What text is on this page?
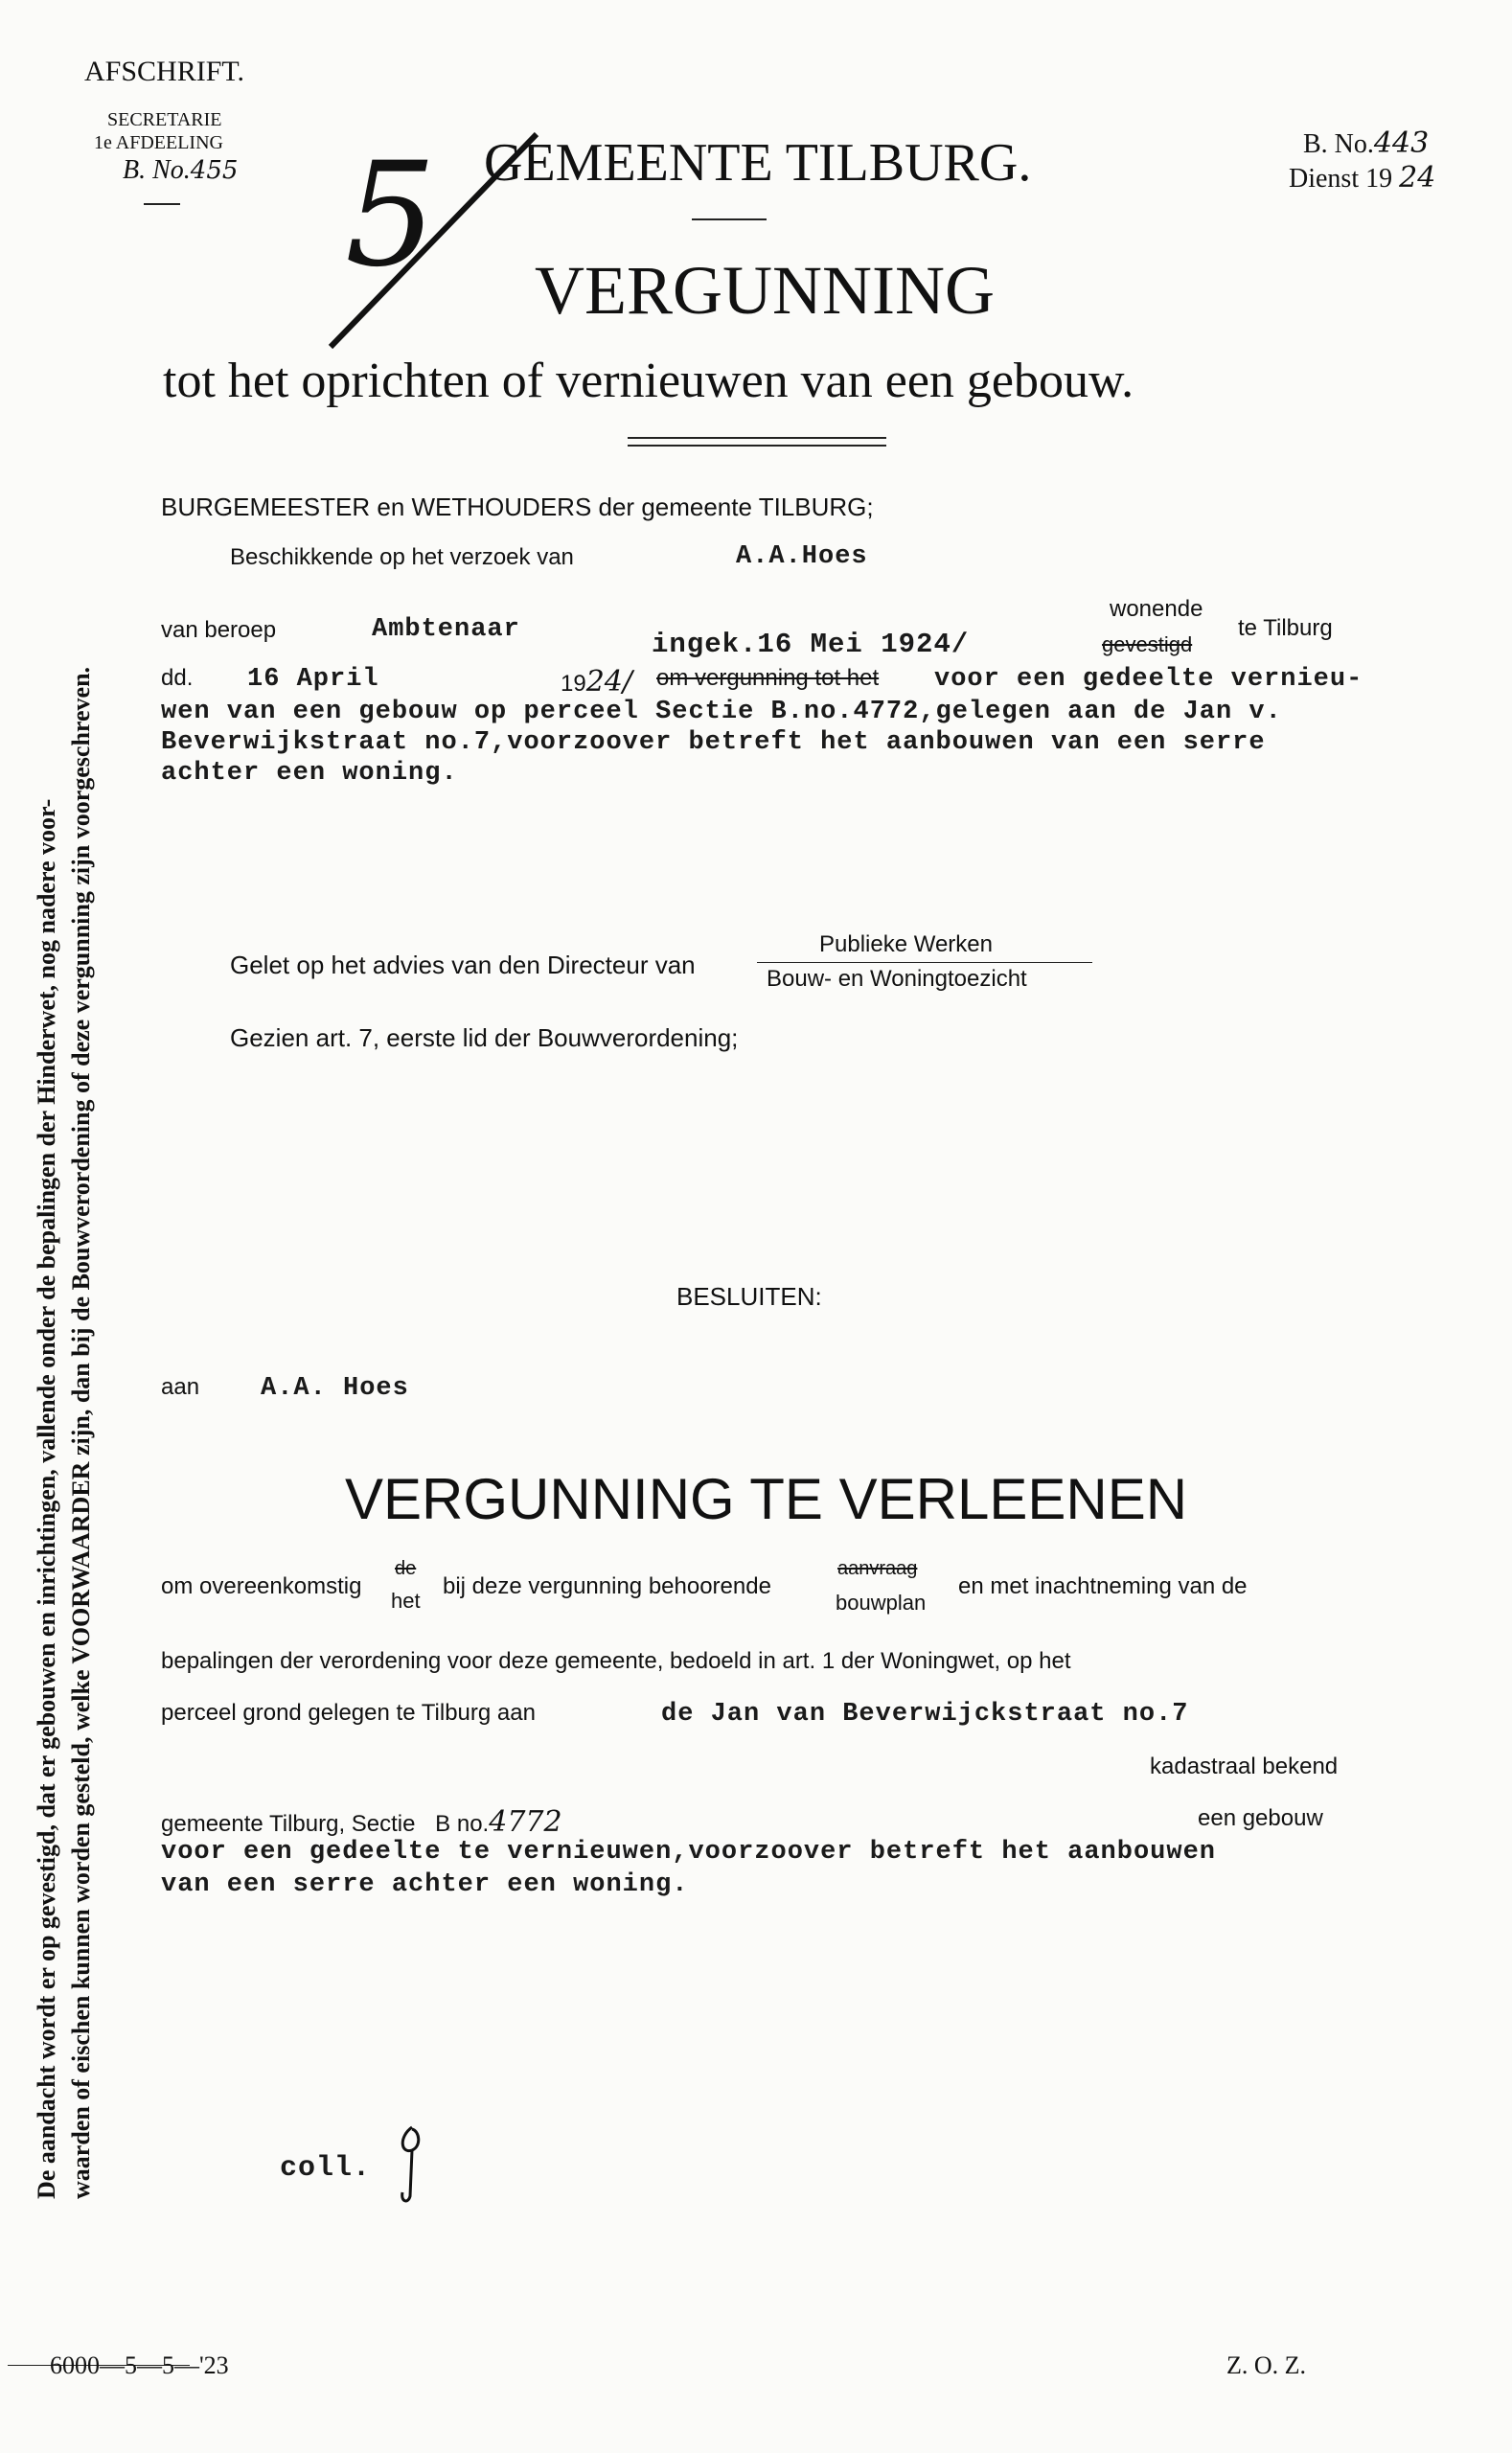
AFSCHRIFT.
SECRETARIE
1e AFDEELING
B. No.455 5 GEMEENTE TILBURG.	B. No.443
Dienst 19 24
VERGUNNING
tot het oprichten of vernieuwen van een gebouw.
De aandacht wordt er op gevestigd, dat er gebouwen en inrichtingen, vallende onder de bepalingen der Hinderwet, nog nadere voor- waarden of eischen kunnen worden gesteld, welke VOORWAARDER zijn, dan bij de Bouwverordening of deze vergunning zijn voorgeschreven.
BURGEMEESTER en WETHOUDERS der gemeente TILBURG;
Beschikkende op het verzoek van	A.A.Hoes
van beroep	Ambtenaar	ingek.16 Mei 1924/
wonende
gevestigd
te Tilburg
dd. 16 April	1924/ om vergunning tot het voor een gedeelte vernieu-
wen van een gebouw op perceel Sectie B.no.4772,gelegen aan de Jan v.
Beverwijkstraat no.7,voorzoover betreft het aanbouwen van een serre
achter een woning.
Gelet op het advies van den Directeur van
Publieke Werken
Bouw- en Woningtoezicht
Gezien art. 7, eerste lid der Bouwverordening;
BESLUITEN:
aan A.A. Hoes
VERGUNNING TE VERLEENEN
om overeenkomstig
de
het
bij deze vergunning behoorende
aanvraag
bouwplan
en met inachtneming van de
bepalingen der verordening voor deze gemeente, bedoeld in art. 1 der Woningwet, op het
perceel grond gelegen te Tilburg aan	de Jan van Beverwijckstraat no.7
kadastraal bekend
gemeente Tilburg, Sectie B no.4772	een gebouw
voor een gedeelte te vernieuwen,voorzoover betreft het aanbouwen
van een serre achter een woning.
coll.
6000—5—5—'23	Z. O. Z.
